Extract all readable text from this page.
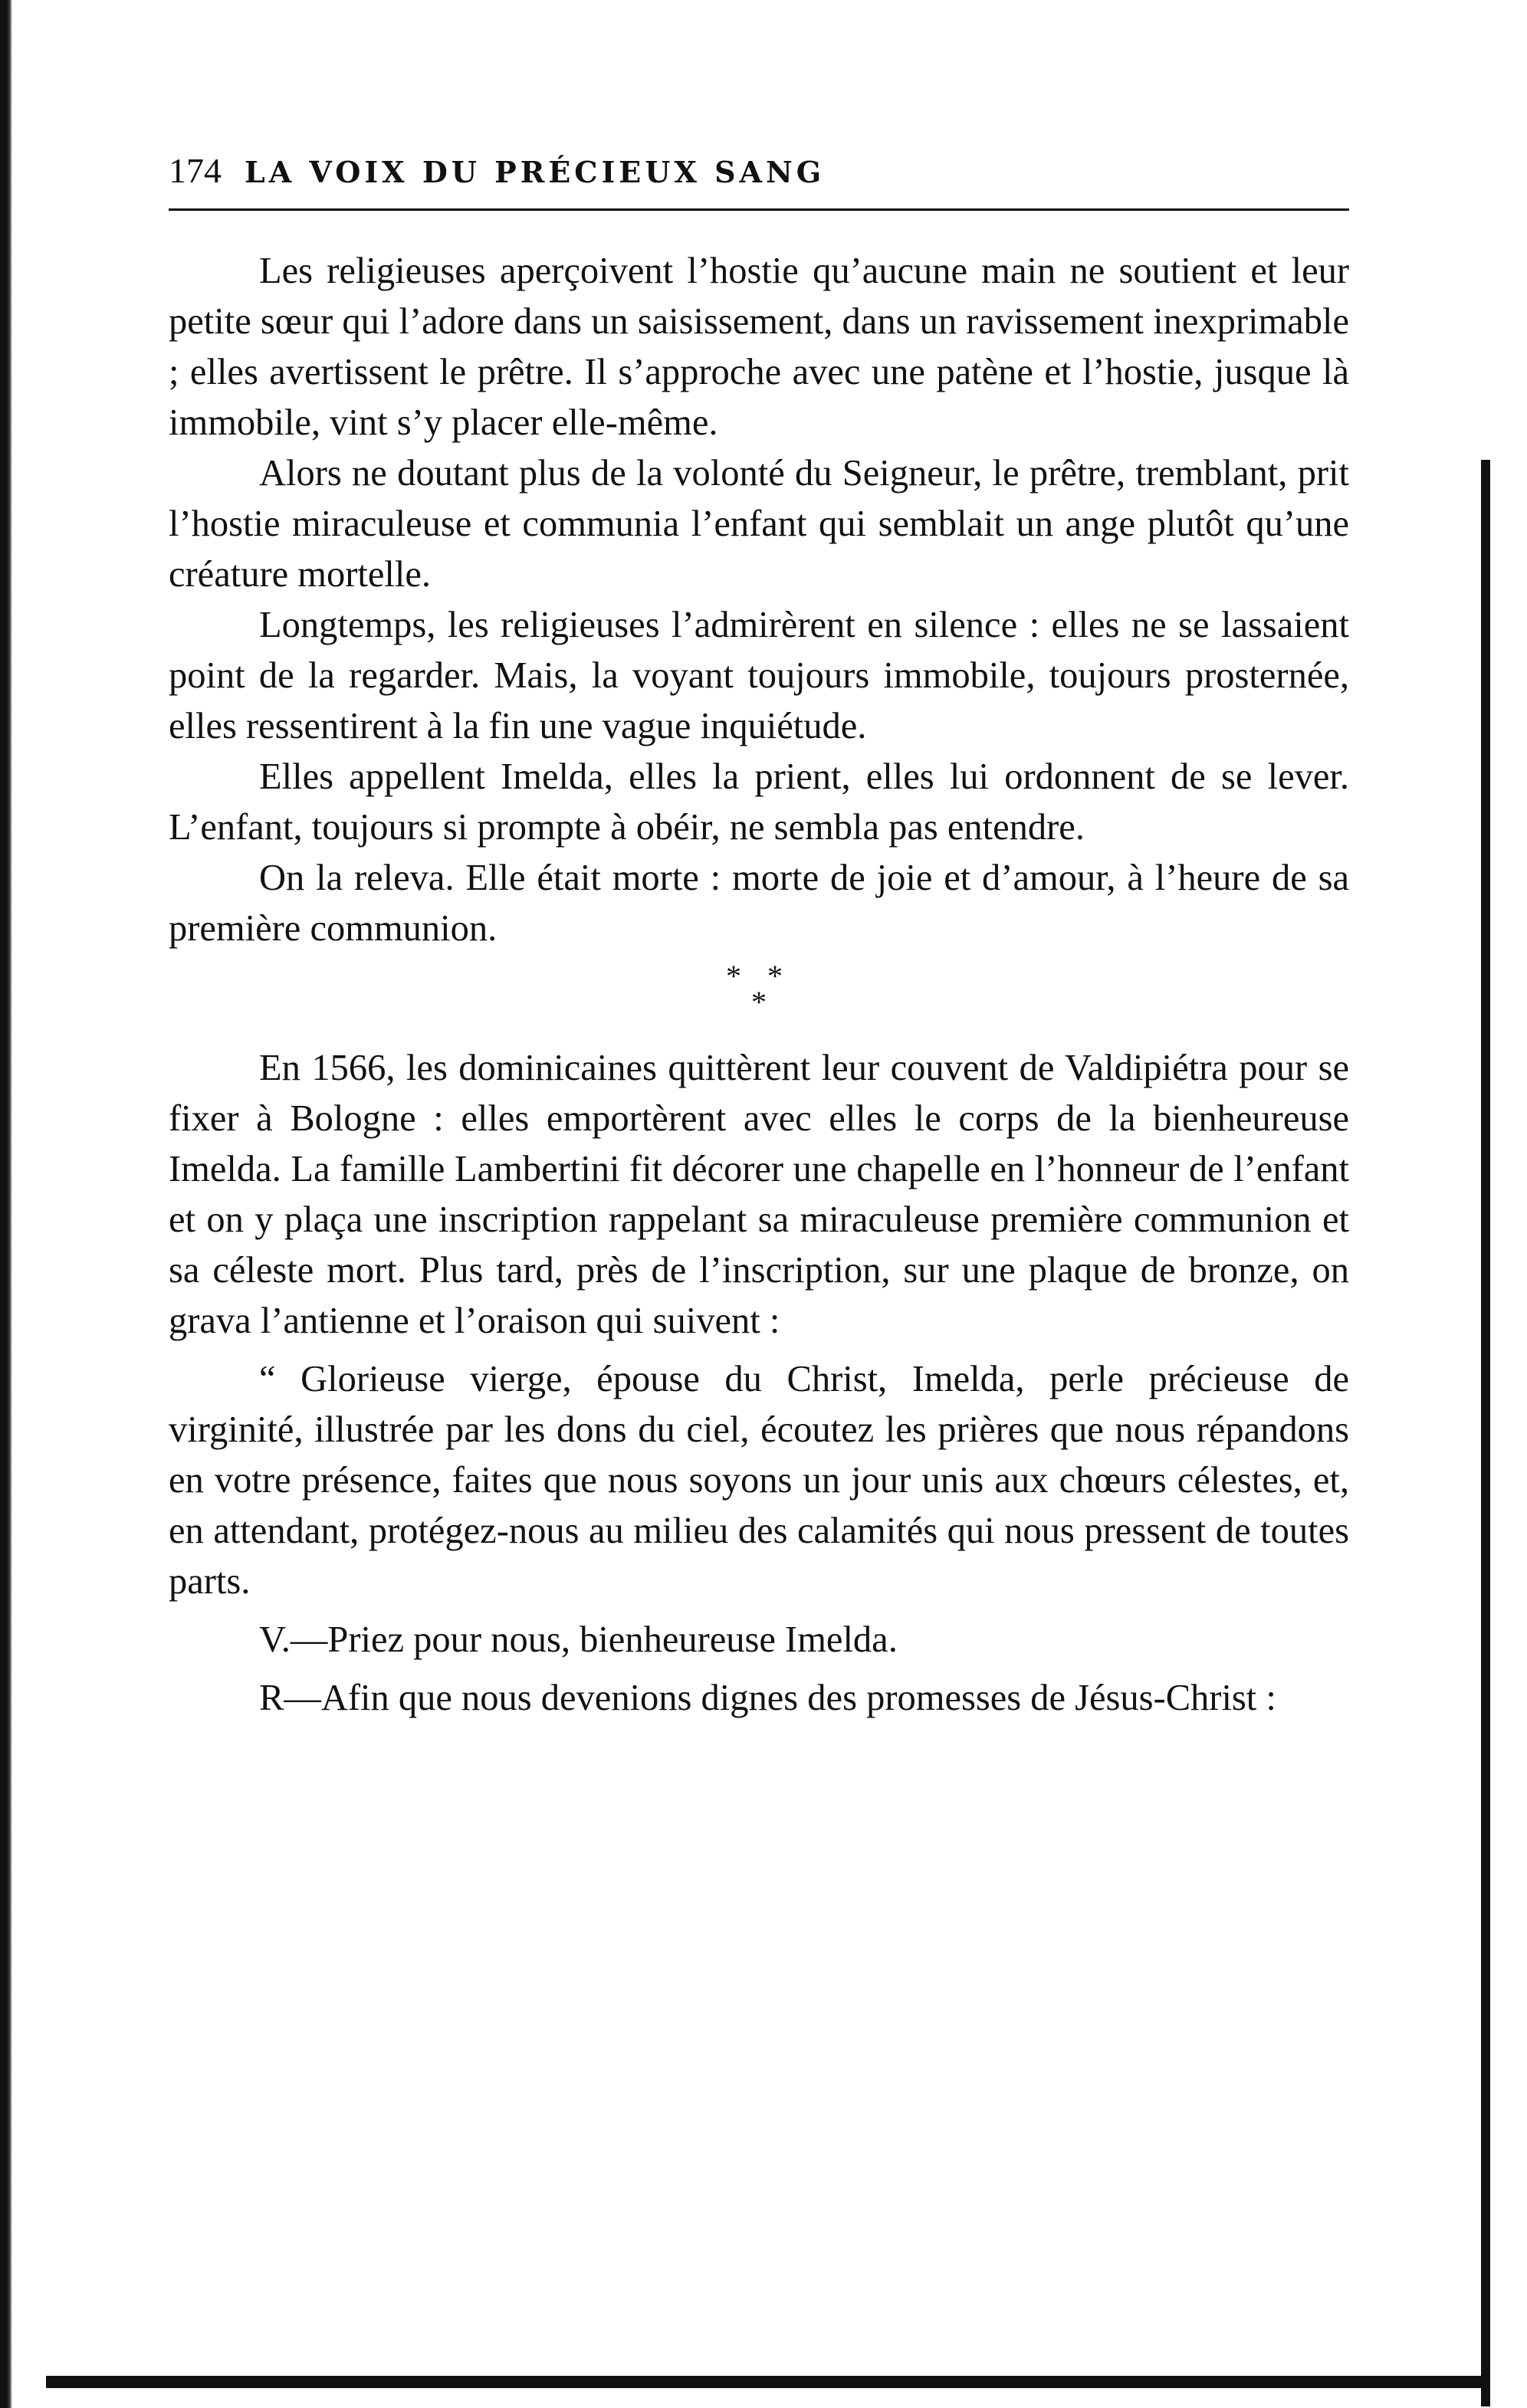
174 LA VOIX DU PRÉCIEUX SANG

Les religieuses aperçoivent l’hostie qu’aucune main ne soutient et leur petite sœur qui l’adore dans un saisissement, dans un ravissement inexprimable ; elles avertissent le prêtre. Il s’approche avec une patène et l’hostie, jusque là immobile, vint s’y placer elle-même.

Alors ne doutant plus de la volonté du Seigneur, le prêtre, tremblant, prit l’hostie miraculeuse et communia l’enfant qui semblait un ange plutôt qu’une créature mortelle.

Longtemps, les religieuses l’admirèrent en silence : elles ne se lassaient point de la regarder. Mais, la voyant toujours immobile, toujours prosternée, elles ressentirent à la fin une vague inquiétude.

Elles appellent Imelda, elles la prient, elles lui ordonnent de se lever. L’enfant, toujours si prompte à obéir, ne sembla pas entendre.

On la releva. Elle était morte : morte de joie et d’amour, à l’heure de sa première communion.

* *
*

En 1566, les dominicaines quittèrent leur couvent de Valdipiétra pour se fixer à Bologne : elles emportèrent avec elles le corps de la bienheureuse Imelda. La famille Lambertini fit décorer une chapelle en l’honneur de l’enfant et on y plaça une inscription rappelant sa miraculeuse première communion et sa céleste mort. Plus tard, près de l’inscription, sur une plaque de bronze, on grava l’antienne et l’oraison qui suivent :

“ Glorieuse vierge, épouse du Christ, Imelda, perle précieuse de virginité, illustrée par les dons du ciel, écoutez les prières que nous répandons en votre présence, faites que nous soyons un jour unis aux chœurs célestes, et, en attendant, protégez-nous au milieu des calamités qui nous pressent de toutes parts.

V.—Priez pour nous, bienheureuse Imelda.

R—Afin que nous devenions dignes des promesses de Jésus-Christ :
